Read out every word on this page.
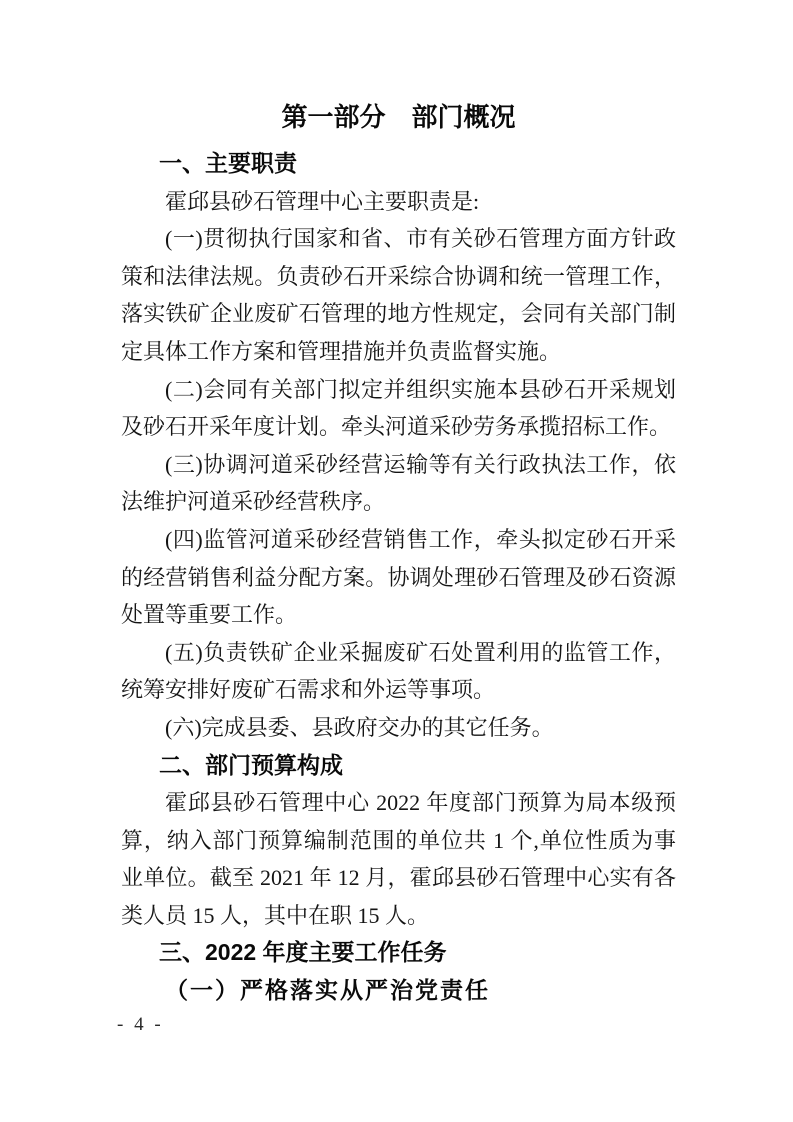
第一部分　部门概况
一、主要职责

霍邱县砂石管理中心主要职责是:

(一)贯彻执行国家和省、市有关砂石管理方面方针政策和法律法规。负责砂石开采综合协调和统一管理工作，落实铁矿企业废矿石管理的地方性规定，会同有关部门制定具体工作方案和管理措施并负责监督实施。

(二)会同有关部门拟定并组织实施本县砂石开采规划及砂石开采年度计划。牵头河道采砂劳务承揽招标工作。

(三)协调河道采砂经营运输等有关行政执法工作，依法维护河道采砂经营秩序。

(四)监管河道采砂经营销售工作，牵头拟定砂石开采的经营销售利益分配方案。协调处理砂石管理及砂石资源处置等重要工作。

(五)负责铁矿企业采掘废矿石处置利用的监管工作，统筹安排好废矿石需求和外运等事项。

(六)完成县委、县政府交办的其它任务。

二、部门预算构成

霍邱县砂石管理中心 2022 年度部门预算为局本级预算，纳入部门预算编制范围的单位共 1 个,单位性质为事业单位。截至 2021 年 12 月，霍邱县砂石管理中心实有各类人员 15 人，其中在职 15 人。

三、2022 年度主要工作任务
（一）严格落实从严治党责任
- 4 -
